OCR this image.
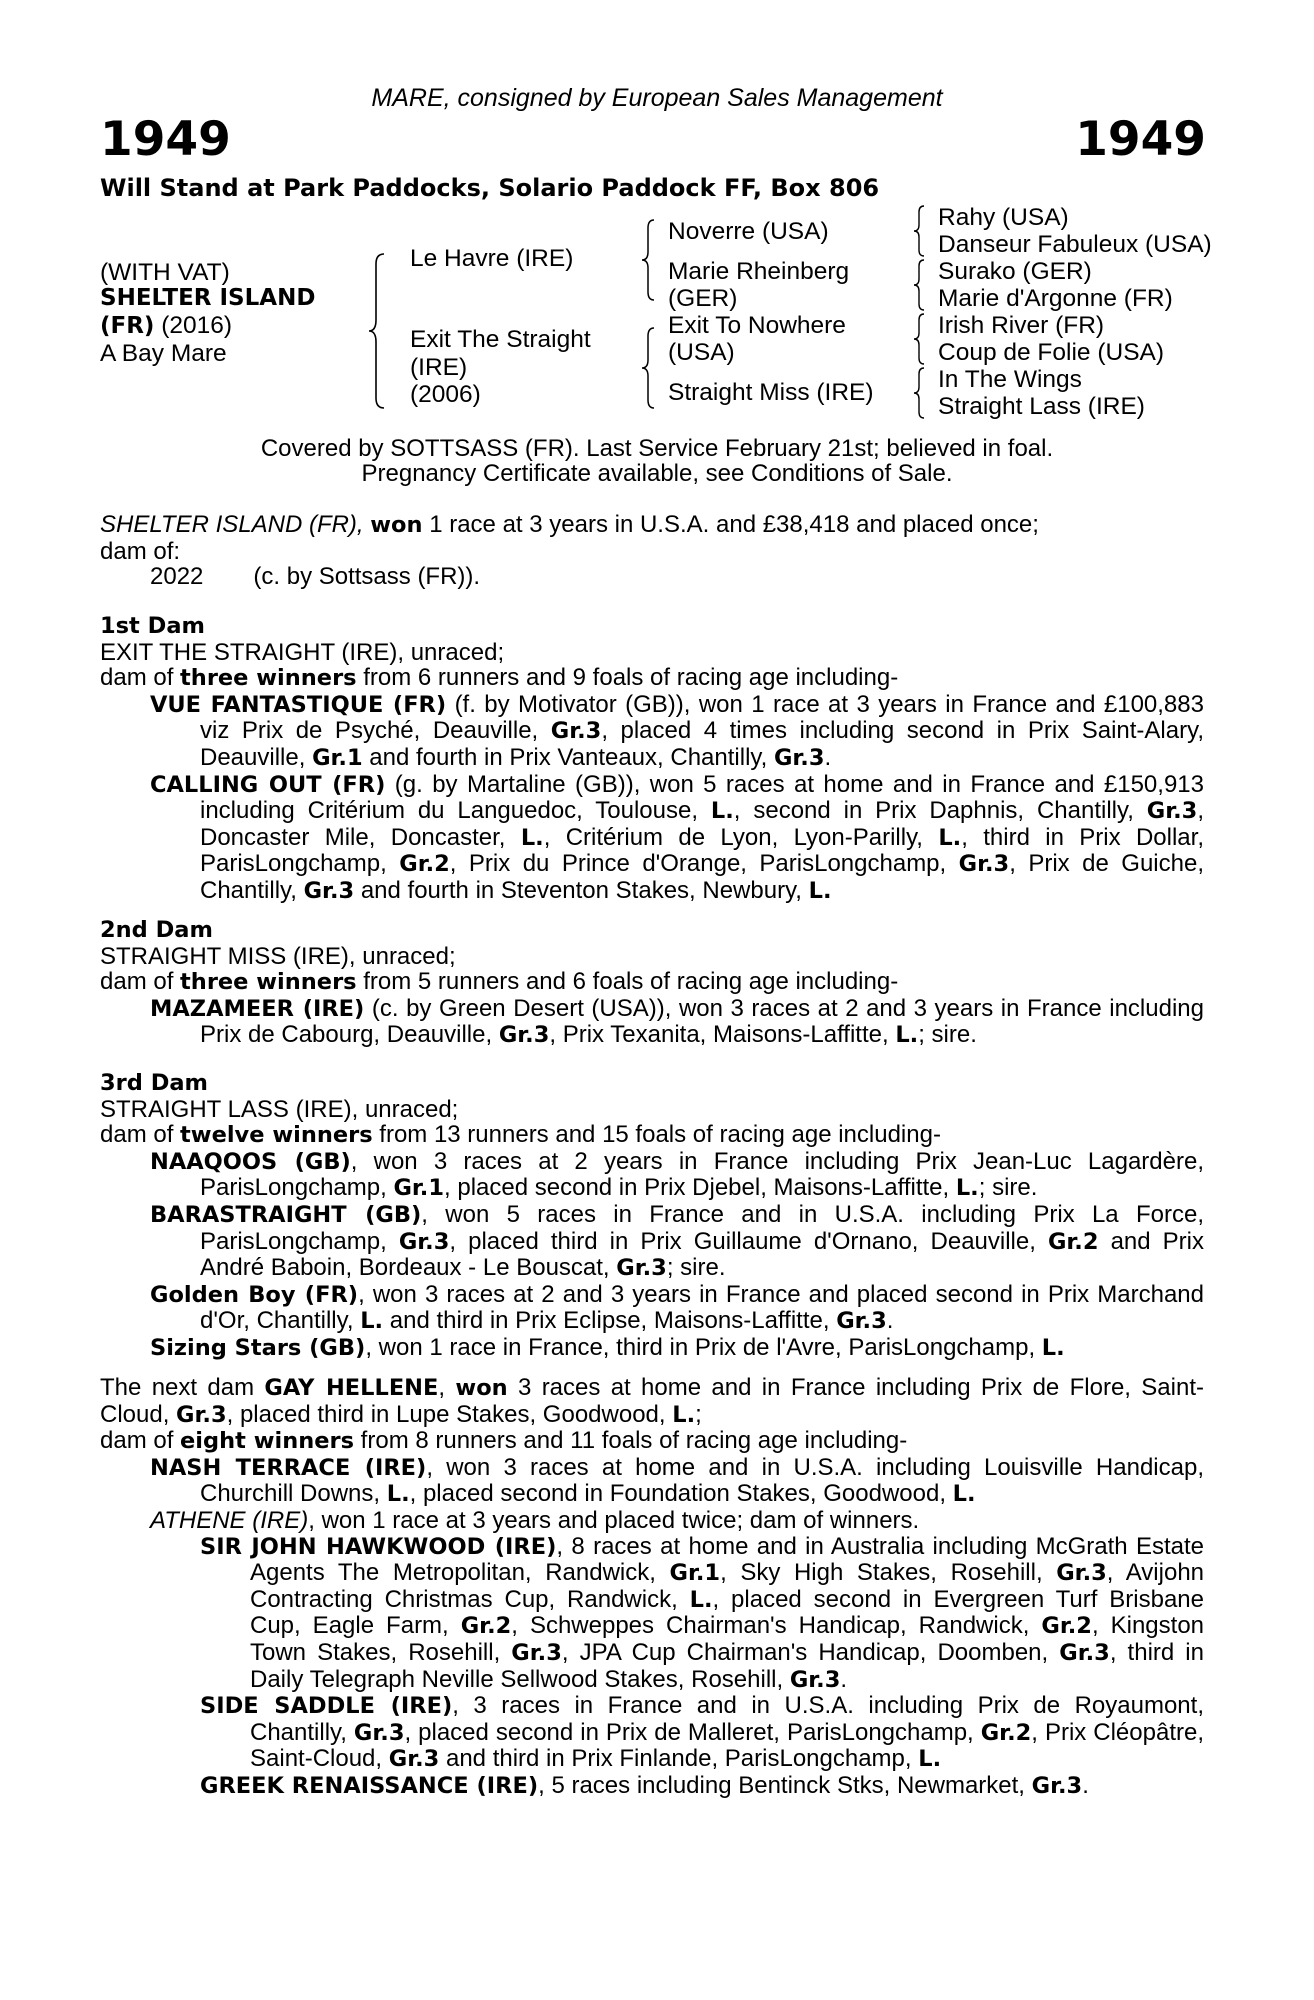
MARE, consigned by European Sales Management
1949	1949
Will Stand at Park Paddocks, Solario Paddock FF, Box 806
(WITH VAT)
SHELTER ISLAND
(FR) (2016)
A Bay Mare
Le Havre (IRE)
Exit The Straight
(IRE)
(2006)
Noverre (USA)
Marie Rheinberg
(GER)
Exit To Nowhere
(USA)
Straight Miss (IRE)
Rahy (USA)
Danseur Fabuleux (USA)
Surako (GER)
Marie d'Argonne (FR)
Irish River (FR)
Coup de Folie (USA)
In The Wings
Straight Lass (IRE)
Covered by SOTTSASS (FR). Last Service February 21st; believed in foal.
Pregnancy Certificate available, see Conditions of Sale.

SHELTER ISLAND (FR), won 1 race at 3 years in U.S.A. and £38,418 and placed once;

dam of:

2022 (c. by Sottsass (FR)).

1st Dam

EXIT THE STRAIGHT (IRE), unraced;

dam of three winners from 6 runners and 9 foals of racing age including-

VUE FANTASTIQUE (FR) (f. by Motivator (GB)), won 1 race at 3 years in France and £100,883 viz Prix de Psyché, Deauville, Gr.3, placed 4 times including second in Prix Saint-Alary, Deauville, Gr.1 and fourth in Prix Vanteaux, Chantilly, Gr.3.

CALLING OUT (FR) (g. by Martaline (GB)), won 5 races at home and in France and £150,913 including Critérium du Languedoc, Toulouse, L., second in Prix Daphnis, Chantilly, Gr.3, Doncaster Mile, Doncaster, L., Critérium de Lyon, Lyon-Parilly, L., third in Prix Dollar, ParisLongchamp, Gr.2, Prix du Prince d'Orange, ParisLongchamp, Gr.3, Prix de Guiche, Chantilly, Gr.3 and fourth in Steventon Stakes, Newbury, L.

2nd Dam

STRAIGHT MISS (IRE), unraced;

dam of three winners from 5 runners and 6 foals of racing age including-

MAZAMEER (IRE) (c. by Green Desert (USA)), won 3 races at 2 and 3 years in France including Prix de Cabourg, Deauville, Gr.3, Prix Texanita, Maisons-Laffitte, L.; sire.

3rd Dam

STRAIGHT LASS (IRE), unraced;

dam of twelve winners from 13 runners and 15 foals of racing age including-

NAAQOOS (GB), won 3 races at 2 years in France including Prix Jean-Luc Lagardère, ParisLongchamp, Gr.1, placed second in Prix Djebel, Maisons-Laffitte, L.; sire.

BARASTRAIGHT (GB), won 5 races in France and in U.S.A. including Prix La Force, ParisLongchamp, Gr.3, placed third in Prix Guillaume d'Ornano, Deauville, Gr.2 and Prix André Baboin, Bordeaux - Le Bouscat, Gr.3; sire.

Golden Boy (FR), won 3 races at 2 and 3 years in France and placed second in Prix Marchand d'Or, Chantilly, L. and third in Prix Eclipse, Maisons-Laffitte, Gr.3.

Sizing Stars (GB), won 1 race in France, third in Prix de l'Avre, ParisLongchamp, L.

The next dam GAY HELLENE, won 3 races at home and in France including Prix de Flore, Saint-Cloud, Gr.3, placed third in Lupe Stakes, Goodwood, L.;

dam of eight winners from 8 runners and 11 foals of racing age including-

NASH TERRACE (IRE), won 3 races at home and in U.S.A. including Louisville Handicap, Churchill Downs, L., placed second in Foundation Stakes, Goodwood, L.

ATHENE (IRE), won 1 race at 3 years and placed twice; dam of winners.

SIR JOHN HAWKWOOD (IRE), 8 races at home and in Australia including McGrath Estate Agents The Metropolitan, Randwick, Gr.1, Sky High Stakes, Rosehill, Gr.3, Avijohn Contracting Christmas Cup, Randwick, L., placed second in Evergreen Turf Brisbane Cup, Eagle Farm, Gr.2, Schweppes Chairman's Handicap, Randwick, Gr.2, Kingston Town Stakes, Rosehill, Gr.3, JPA Cup Chairman's Handicap, Doomben, Gr.3, third in Daily Telegraph Neville Sellwood Stakes, Rosehill, Gr.3.

SIDE SADDLE (IRE), 3 races in France and in U.S.A. including Prix de Royaumont, Chantilly, Gr.3, placed second in Prix de Malleret, ParisLongchamp, Gr.2, Prix Cléopâtre, Saint-Cloud, Gr.3 and third in Prix Finlande, ParisLongchamp, L.

GREEK RENAISSANCE (IRE), 5 races including Bentinck Stks, Newmarket, Gr.3.
